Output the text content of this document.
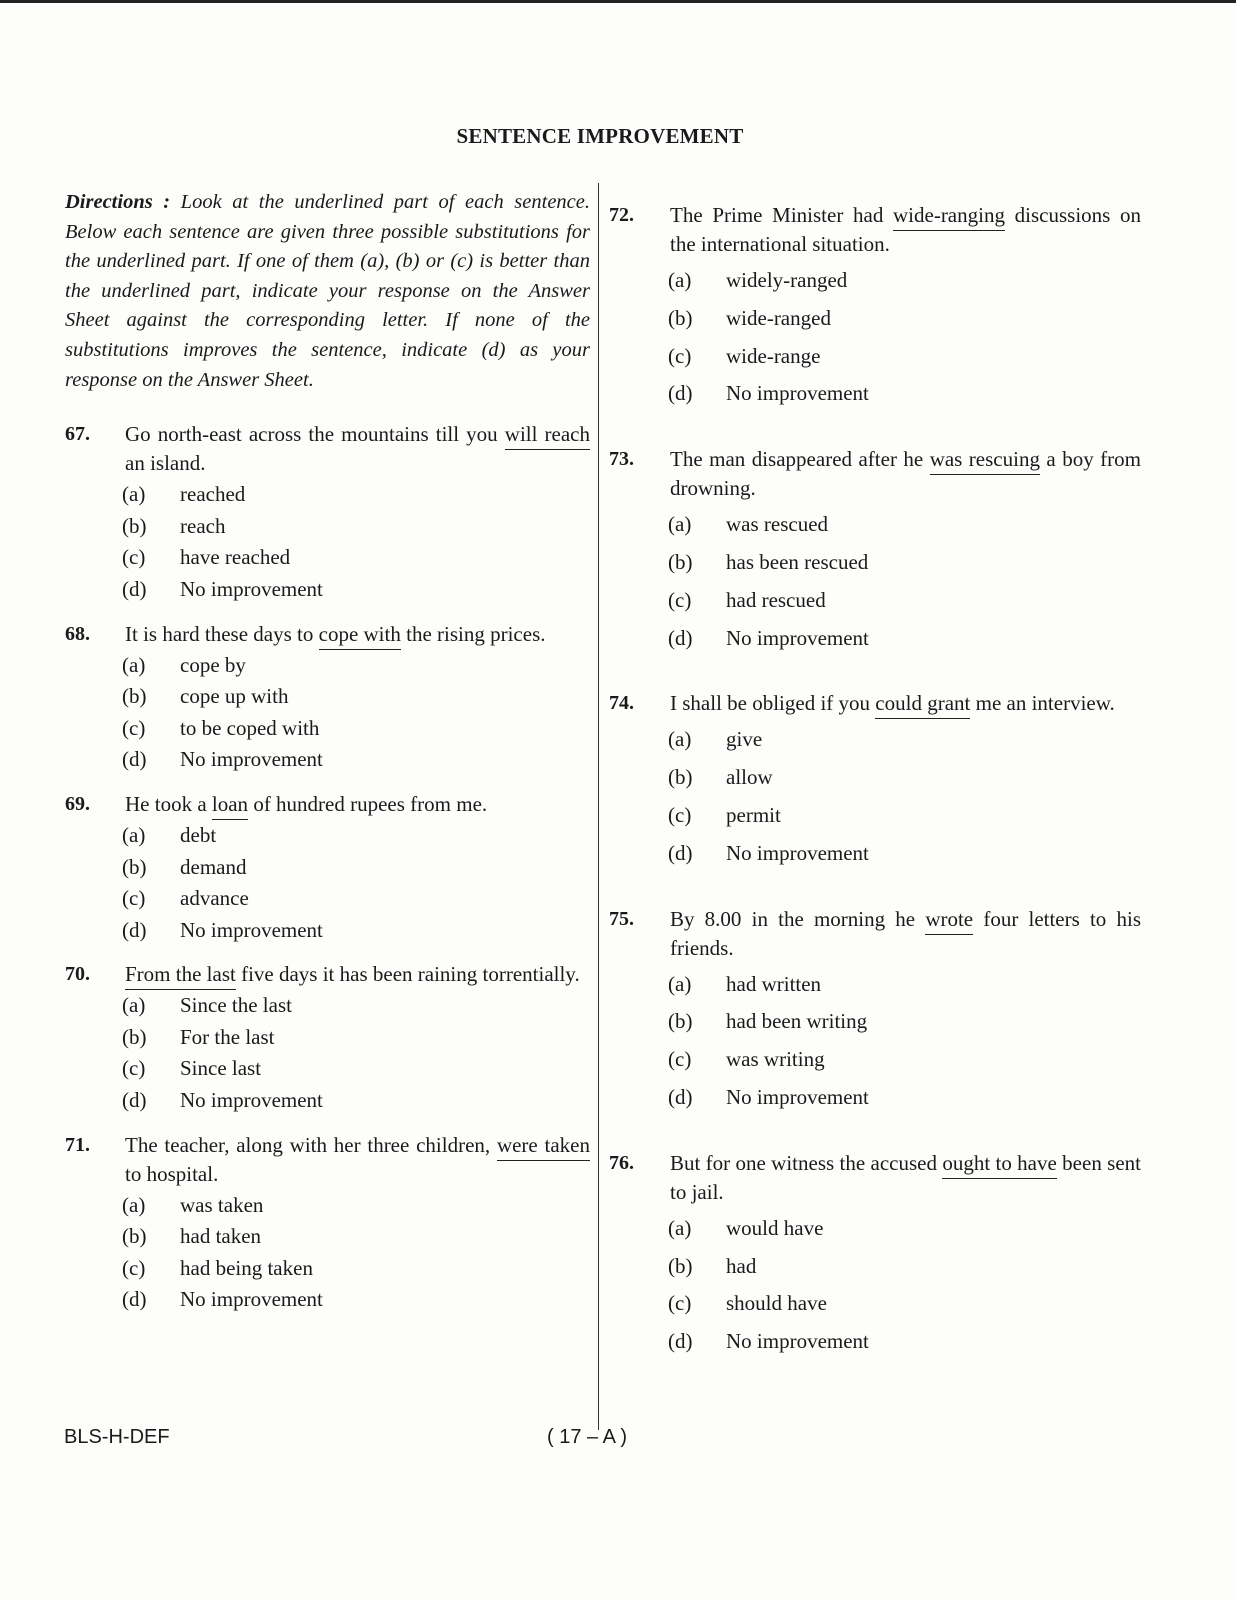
SENTENCE IMPROVEMENT

Directions : Look at the underlined part of each sentence. Below each sentence are given three possible substitutions for the underlined part. If one of them (a), (b) or (c) is better than the underlined part, indicate your response on the Answer Sheet against the corresponding letter. If none of the substitutions improves the sentence, indicate (d) as your response on the Answer Sheet.

67. Go north-east across the mountains till you will reach an island.
(a) reached
(b) reach
(c) have reached
(d) No improvement
68. It is hard these days to cope with the rising prices.
(a) cope by
(b) cope up with
(c) to be coped with
(d) No improvement
69. He took a loan of hundred rupees from me.
(a) debt
(b) demand
(c) advance
(d) No improvement
70. From the last five days it has been raining torrentially.
(a) Since the last
(b) For the last
(c) Since last
(d) No improvement
71. The teacher, along with her three children, were taken to hospital.
(a) was taken
(b) had taken
(c) had being taken
(d) No improvement
72. The Prime Minister had wide-ranging discussions on the international situation.
(a) widely-ranged
(b) wide-ranged
(c) wide-range
(d) No improvement
73. The man disappeared after he was rescuing a boy from drowning.
(a) was rescued
(b) has been rescued
(c) had rescued
(d) No improvement
74. I shall be obliged if you could grant me an interview.
(a) give
(b) allow
(c) permit
(d) No improvement
75. By 8.00 in the morning he wrote four letters to his friends.
(a) had written
(b) had been writing
(c) was writing
(d) No improvement
76. But for one witness the accused ought to have been sent to jail.
(a) would have
(b) had
(c) should have
(d) No improvement
BLS-H-DEF	( 17 – A )
